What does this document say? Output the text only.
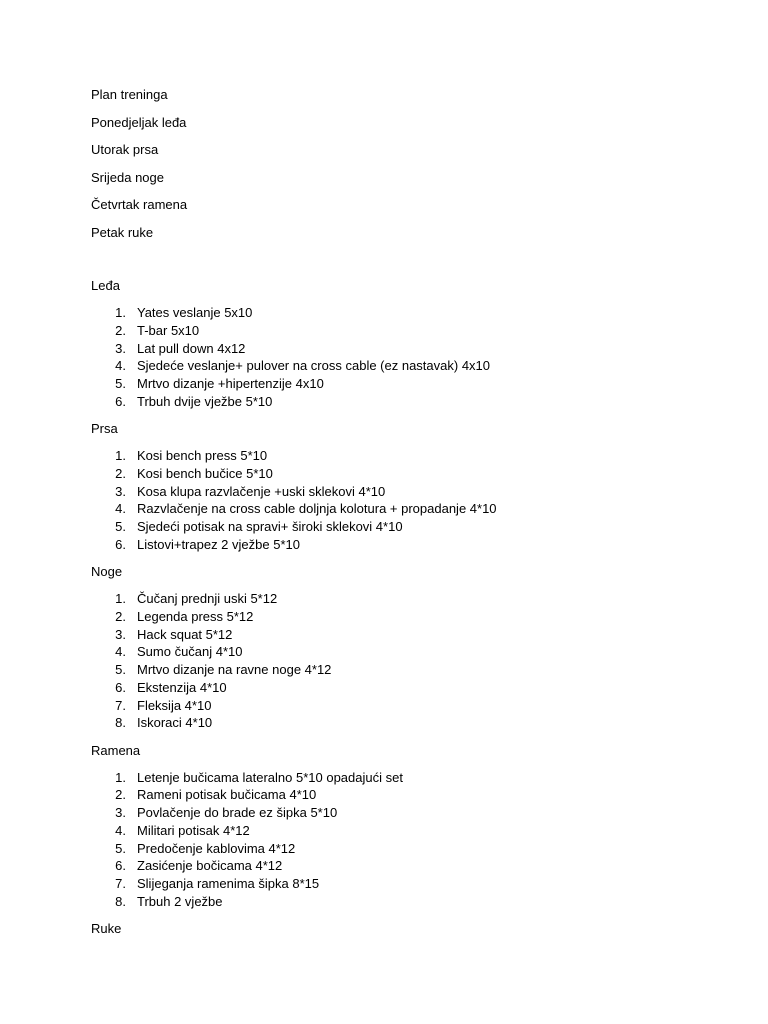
Plan treninga

Ponedjeljak leđa

Utorak prsa

Srijeda noge

Četvrtak ramena

Petak ruke

Leđa

1. Yates veslanje 5x10
2. T-bar 5x10
3. Lat pull down 4x12
4. Sjedeće veslanje+ pulover na cross cable (ez nastavak) 4x10
5. Mrtvo dizanje +hipertenzije 4x10
6. Trbuh dvije vježbe 5*10

Prsa

1. Kosi bench press 5*10
2. Kosi bench bučice 5*10
3. Kosa klupa razvlačenje +uski sklekovi 4*10
4. Razvlačenje na cross cable doljnja kolotura + propadanje 4*10
5. Sjedeći potisak na spravi+ široki sklekovi 4*10
6. Listovi+trapez 2 vježbe 5*10

Noge

1. Čučanj prednji uski 5*12
2. Legenda press 5*12
3. Hack squat 5*12
4. Sumo čučanj 4*10
5. Mrtvo dizanje na ravne noge 4*12
6. Ekstenzija 4*10
7. Fleksija 4*10
8. Iskoraci 4*10

Ramena

1. Letenje bučicama lateralno 5*10 opadajući set
2. Rameni potisak bučicama 4*10
3. Povlačenje do brade ez šipka 5*10
4. Militari potisak 4*12
5. Predočenje kablovima 4*12
6. Zasićenje bočicama 4*12
7. Slijeganja ramenima šipka 8*15
8. Trbuh 2 vježbe

Ruke
